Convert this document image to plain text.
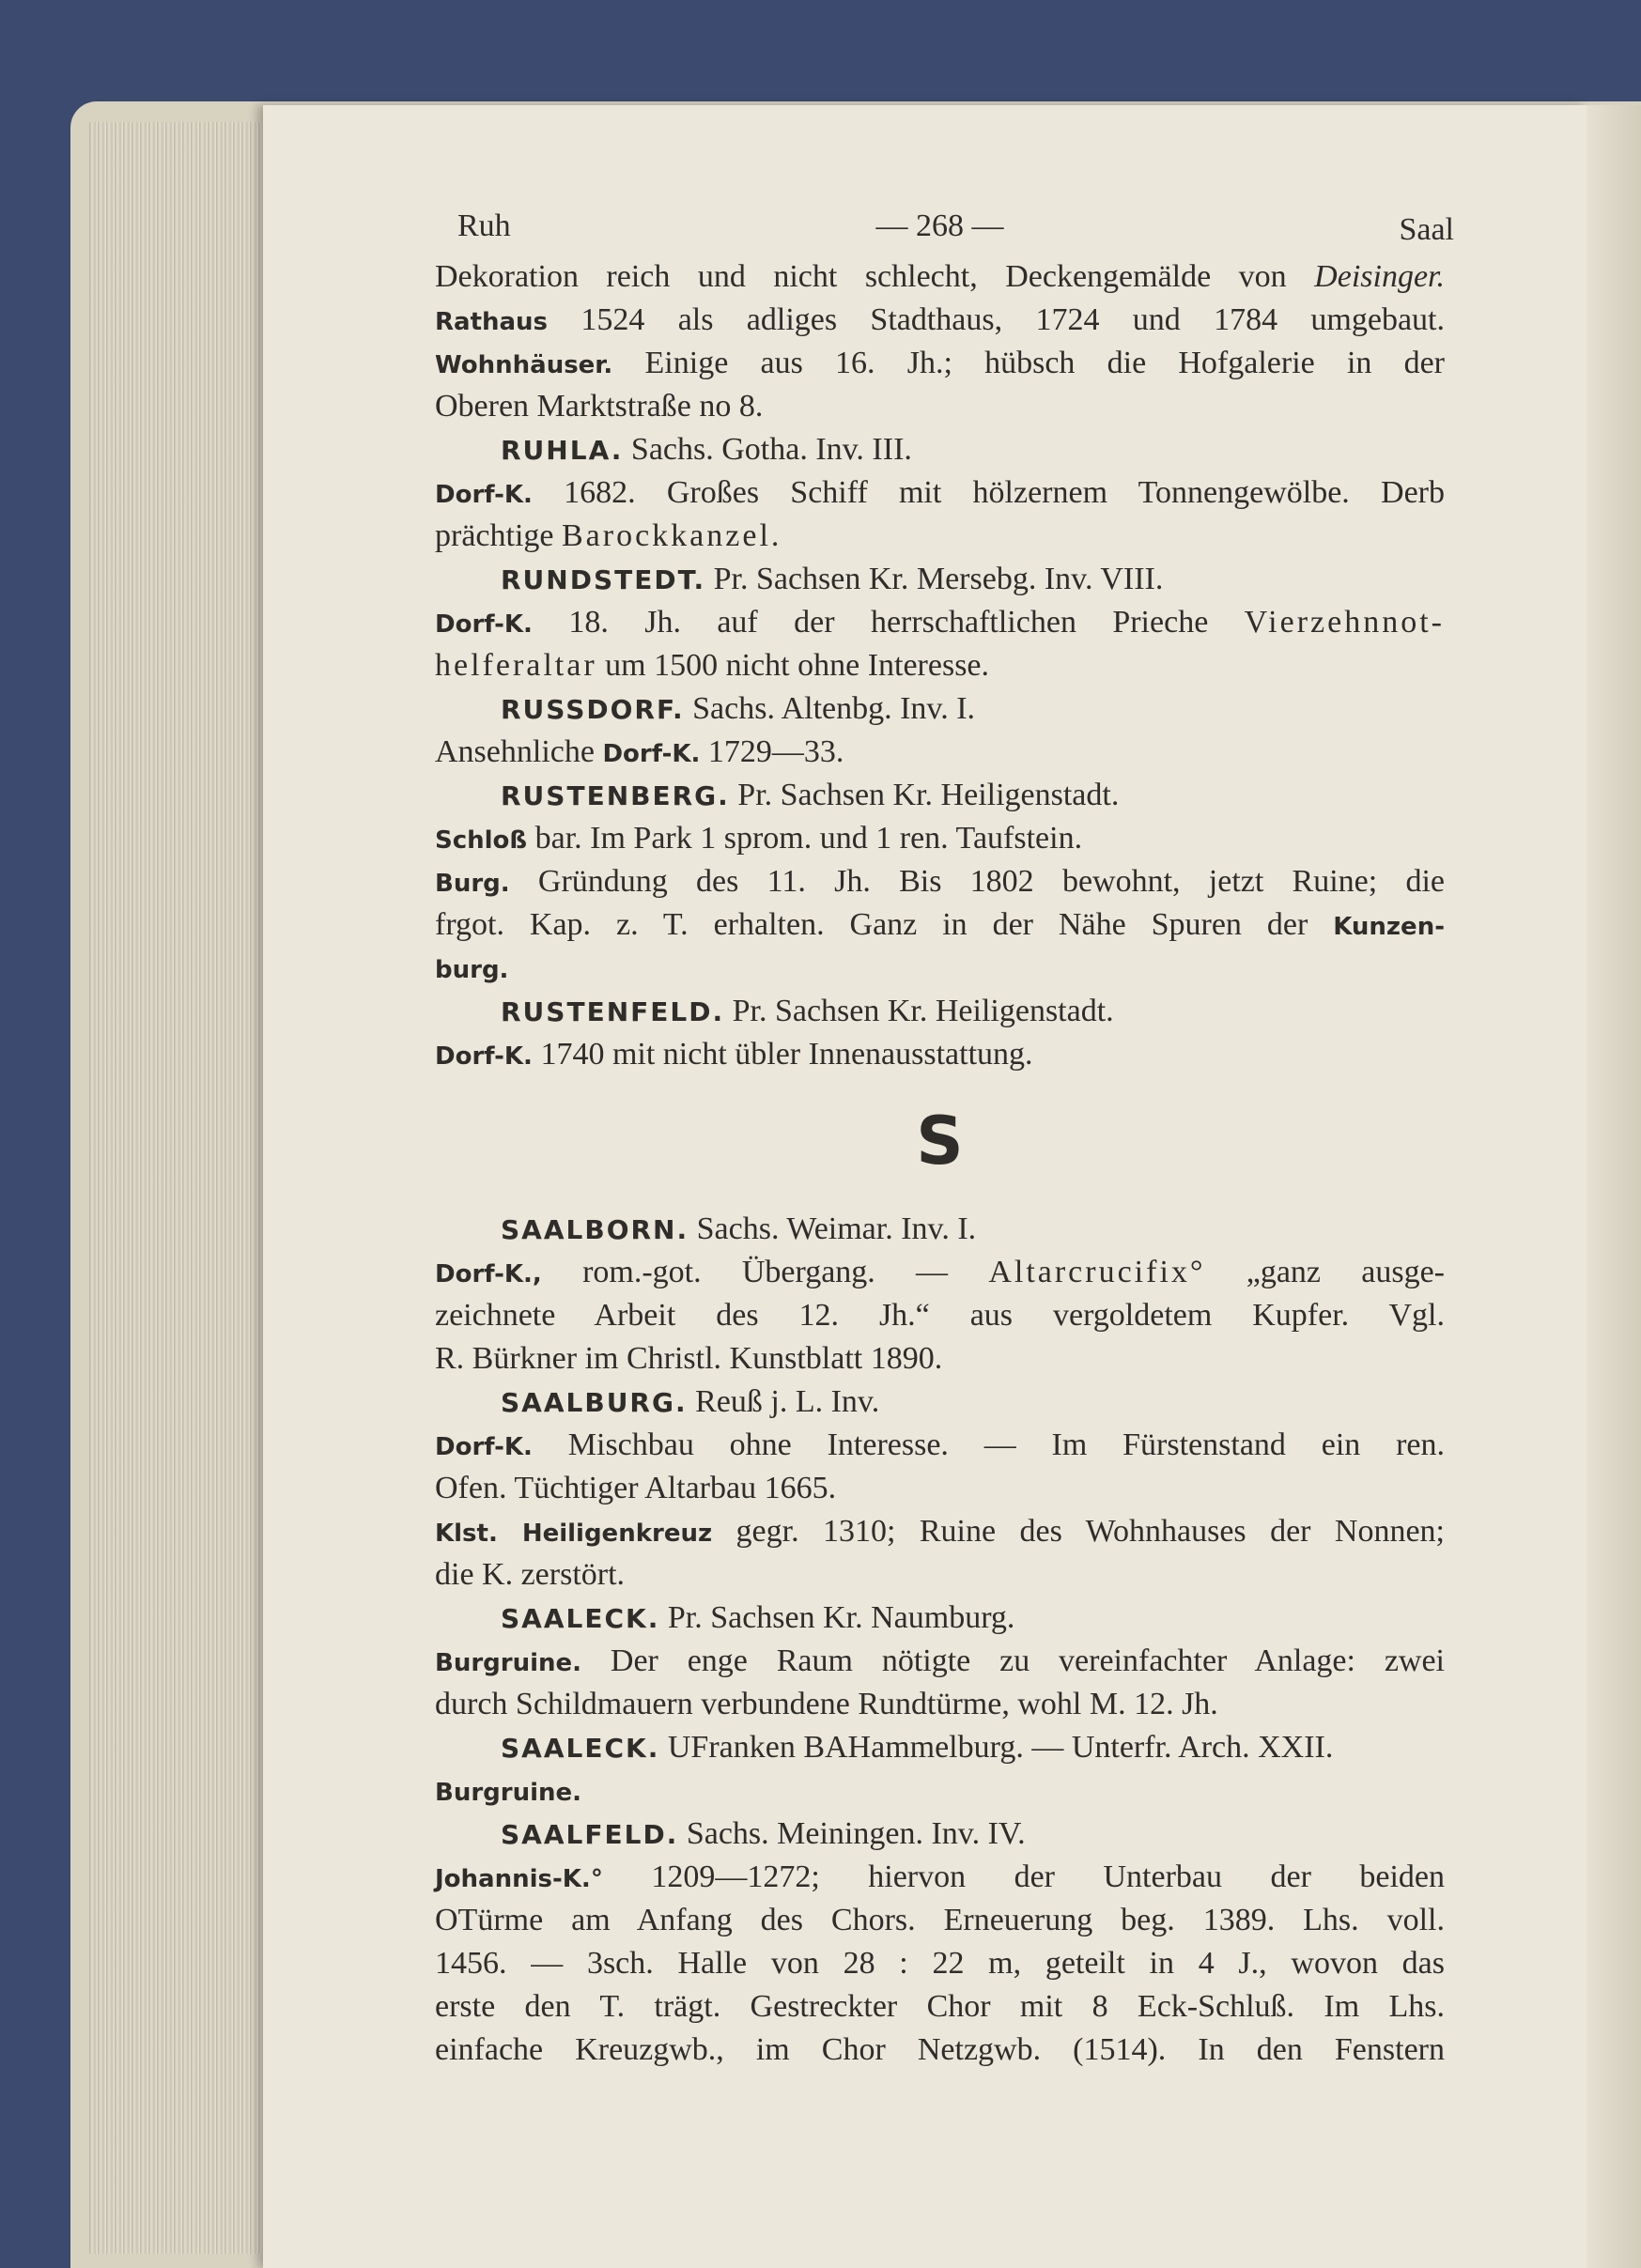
Ruh	— 268 —	Saal
Dekoration reich und nicht schlecht, Deckengemälde von Deisinger.
Rathaus 1524 als adliges Stadthaus, 1724 und 1784 umgebaut.
Wohnhäuser. Einige aus 16. Jh.; hübsch die Hofgalerie in der
Oberen Marktstraße no 8.
RUHLA. Sachs. Gotha. Inv. III.
Dorf-K. 1682. Großes Schiff mit hölzernem Tonnengewölbe. Derb
prächtige Barockkanzel.
RUNDSTEDT. Pr. Sachsen Kr. Mersebg. Inv. VIII.
Dorf-K. 18. Jh. auf der herrschaftlichen Prieche Vierzehnnot-
helferaltar um 1500 nicht ohne Interesse.
RUSSDORF. Sachs. Altenbg. Inv. I.
Ansehnliche Dorf-K. 1729—33.
RUSTENBERG. Pr. Sachsen Kr. Heiligenstadt.
Schloß bar. Im Park 1 sprom. und 1 ren. Taufstein.
Burg. Gründung des 11. Jh. Bis 1802 bewohnt, jetzt Ruine; die
frgot. Kap. z. T. erhalten. Ganz in der Nähe Spuren der Kunzen-
burg.
RUSTENFELD. Pr. Sachsen Kr. Heiligenstadt.
Dorf-K. 1740 mit nicht übler Innenausstattung.
S
SAALBORN. Sachs. Weimar. Inv. I.
Dorf-K., rom.-got. Übergang. — Altarcrucifix° „ganz ausge-
zeichnete Arbeit des 12. Jh.“ aus vergoldetem Kupfer. Vgl.
R. Bürkner im Christl. Kunstblatt 1890.
SAALBURG. Reuß j. L. Inv.
Dorf-K. Mischbau ohne Interesse. — Im Fürstenstand ein ren.
Ofen. Tüchtiger Altarbau 1665.
Klst. Heiligenkreuz gegr. 1310; Ruine des Wohnhauses der Nonnen;
die K. zerstört.
SAALECK. Pr. Sachsen Kr. Naumburg.
Burgruine. Der enge Raum nötigte zu vereinfachter Anlage: zwei
durch Schildmauern verbundene Rundtürme, wohl M. 12. Jh.
SAALECK. UFranken BAHammelburg. — Unterfr. Arch. XXII.
Burgruine.
SAALFELD. Sachs. Meiningen. Inv. IV.
Johannis-K.° 1209—1272; hiervon der Unterbau der beiden
OTürme am Anfang des Chors. Erneuerung beg. 1389. Lhs. voll.
1456. — 3sch. Halle von 28 : 22 m, geteilt in 4 J., wovon das
erste den T. trägt. Gestreckter Chor mit 8 Eck-Schluß. Im Lhs.
einfache Kreuzgwb., im Chor Netzgwb. (1514). In den Fenstern
